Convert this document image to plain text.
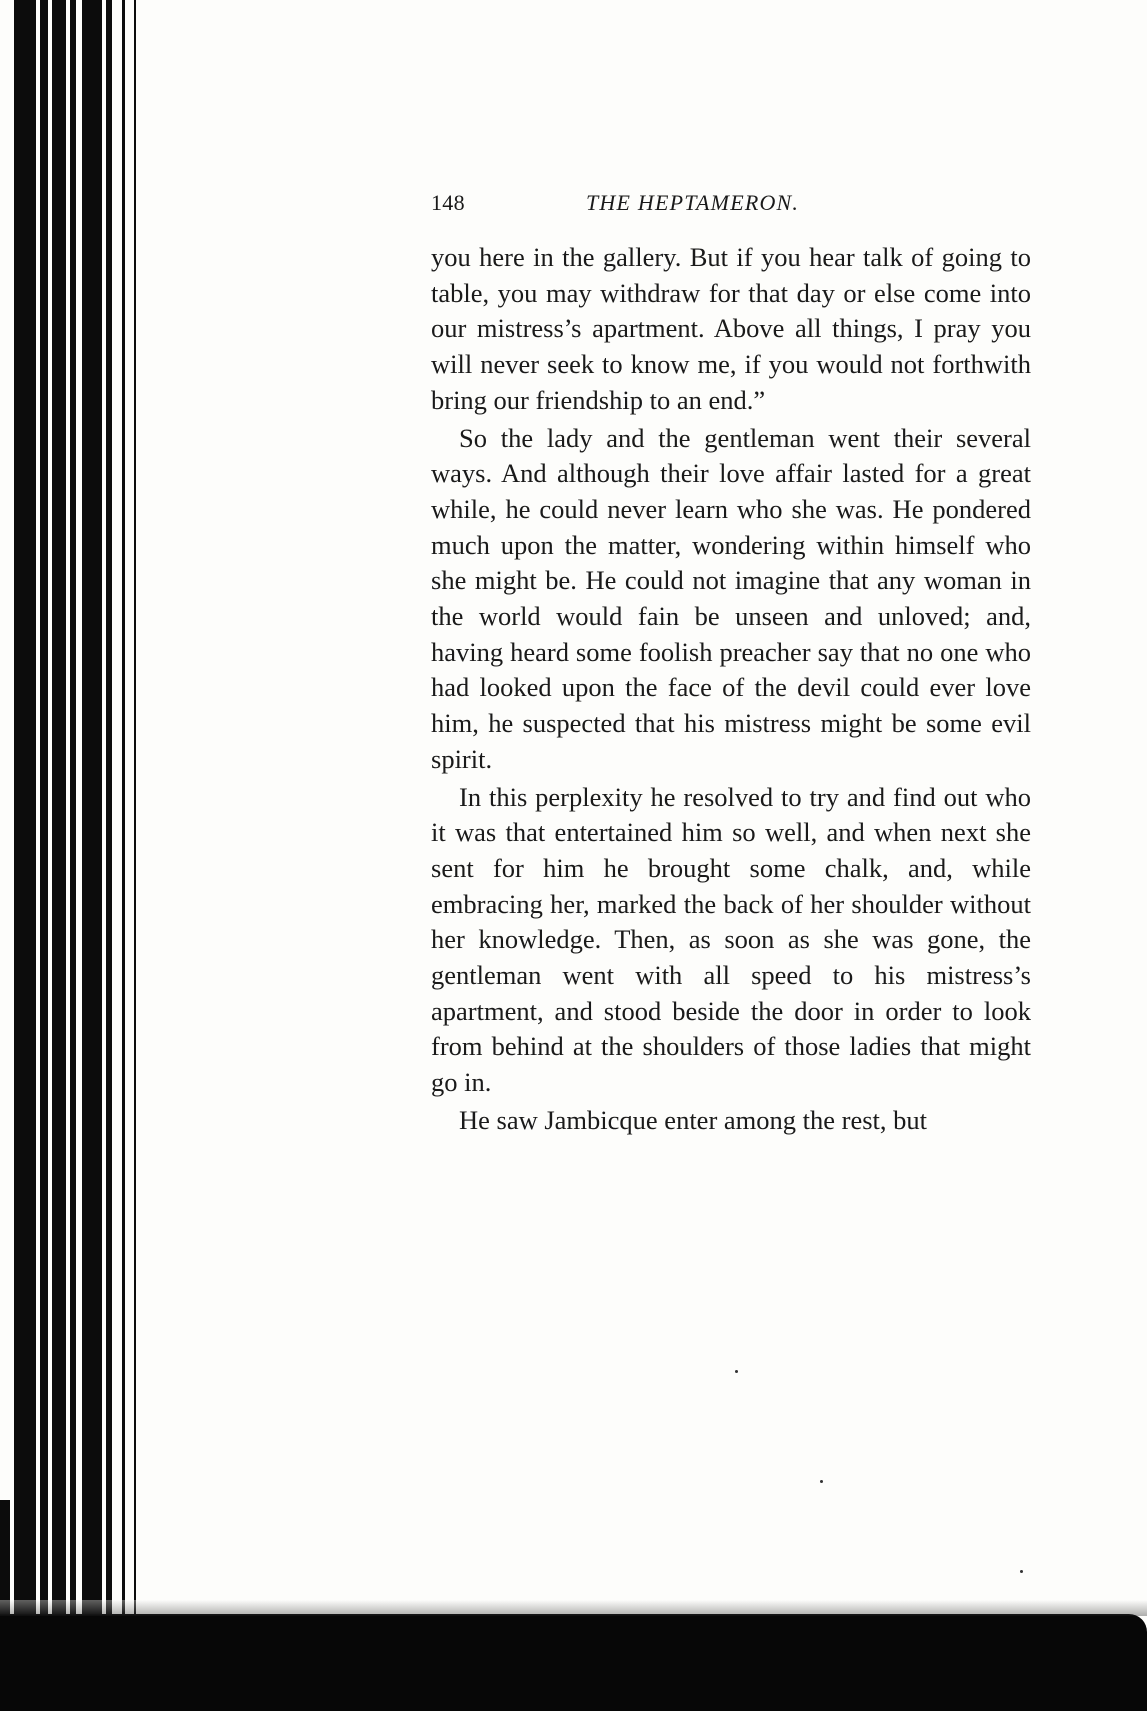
148	THE HEPTAMERON.

you here in the gallery. But if you hear talk of going to table, you may withdraw for that day or else come into our mistress’s apartment. Above all things, I pray you will never seek to know me, if you would not forthwith bring our friendship to an end.”

So the lady and the gentleman went their several ways. And although their love affair lasted for a great while, he could never learn who she was. He pondered much upon the matter, wondering within himself who she might be. He could not imagine that any woman in the world would fain be unseen and unloved; and, having heard some foolish preacher say that no one who had looked upon the face of the devil could ever love him, he suspected that his mistress might be some evil spirit.

In this perplexity he resolved to try and find out who it was that entertained him so well, and when next she sent for him he brought some chalk, and, while embracing her, marked the back of her shoulder without her knowledge. Then, as soon as she was gone, the gentleman went with all speed to his mistress’s apartment, and stood beside the door in order to look from behind at the shoulders of those ladies that might go in.

He saw Jambicque enter among the rest, but
